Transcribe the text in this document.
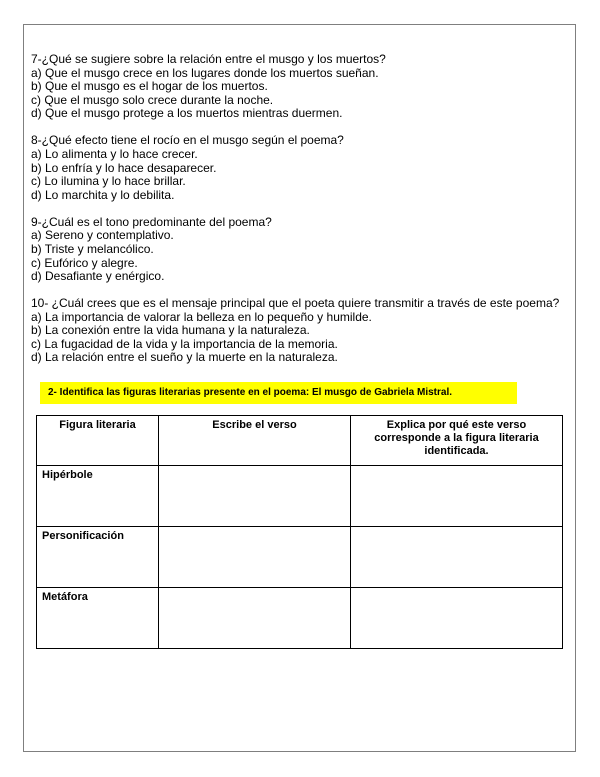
7-¿Qué se sugiere sobre la relación entre el musgo y los muertos?

a) Que el musgo crece en los lugares donde los muertos sueñan.

b) Que el musgo es el hogar de los muertos.

c) Que el musgo solo crece durante la noche.

d) Que el musgo protege a los muertos mientras duermen.

8-¿Qué efecto tiene el rocío en el musgo según el poema?

a) Lo alimenta y lo hace crecer.

b) Lo enfría y lo hace desaparecer.

c) Lo ilumina y lo hace brillar.

d) Lo marchita y lo debilita.

9-¿Cuál es el tono predominante del poema?

a) Sereno y contemplativo.

b) Triste y melancólico.

c) Eufórico y alegre.

d) Desafiante y enérgico.

10- ¿Cuál crees que es el mensaje principal que el poeta quiere transmitir a través de este poema?

a) La importancia de valorar la belleza en lo pequeño y humilde.

b) La conexión entre la vida humana y la naturaleza.

c) La fugacidad de la vida y la importancia de la memoria.

d) La relación entre el sueño y la muerte en la naturaleza.

2- Identifica las figuras literarias presente en el poema: El musgo de Gabriela Mistral.
Figura literaria	Escribe el verso	Explica por qué este verso corresponde a la figura literaria identificada.
Hipérbole		
Personificación		
Metáfora		
